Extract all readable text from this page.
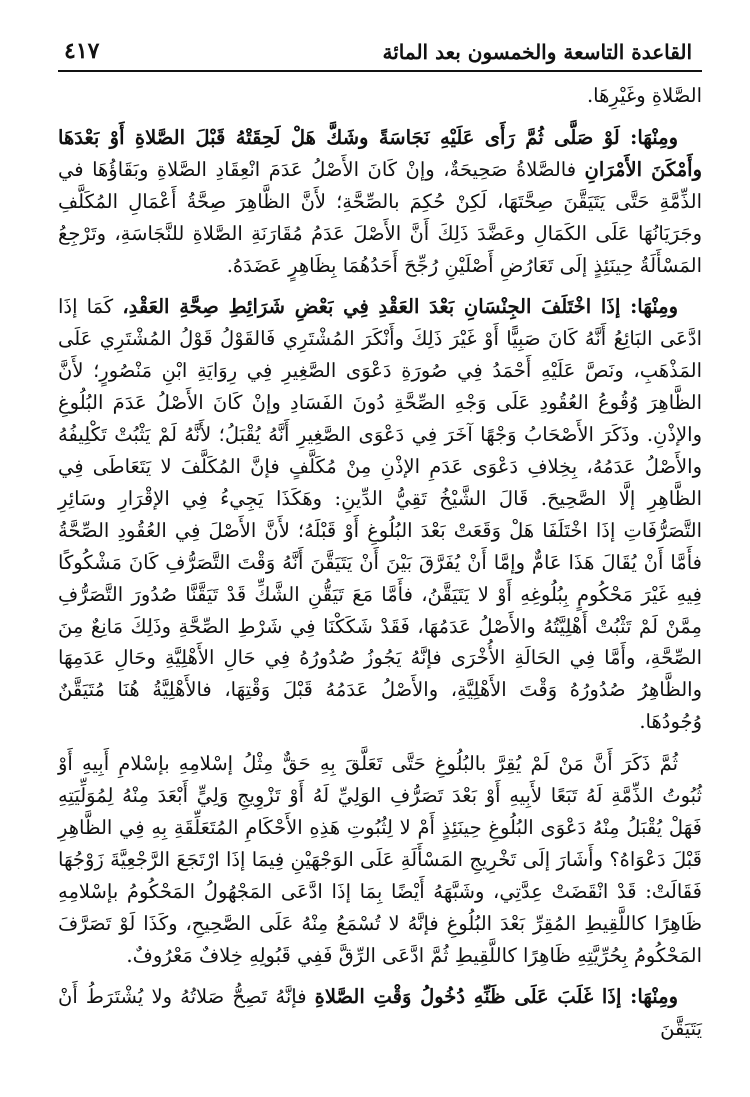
القاعدة التاسعة والخمسون بعد المائة
٤١٧

الصَّلاةِ وغَيْرِهَا.

ومِنْهَا: لَوْ صَلَّى ثُمَّ رَأَى عَلَيْهِ نَجَاسَةً وشَكَّ هَلْ لَحِقَتْهُ قَبْلَ الصَّلاةِ أَوْ بَعْدَهَا وأَمْكَنَ الأَمْرَانِ فالصَّلاةُ صَحِيحَةٌ، وإنْ كَانَ الأَصْلُ عَدَمَ انْعِقَادِ الصَّلاةِ وبَقَاؤُهَا في الذِّمَّةِ حَتَّى يَتَيَقَّنَ صِحَّتَهَا، لَكِنْ حُكِمَ بالصِّحَّةِ؛ لأَنَّ الظَّاهِرَ صِحَّةُ أَعْمَالِ المُكَلَّفِ وجَرَيَانُهَا عَلَى الكَمَالِ وعَضَّدَ ذَلِكَ أَنَّ الأَصْلَ عَدَمُ مُقَارَنَةِ الصَّلاةِ للنَّجَاسَةِ، وتَرْجِعُ المَسْأَلَةُ حِينَئِذٍ إلَى تَعَارُضِ أَصْلَيْنِ رُجِّحَ أَحَدُهُمَا بِظَاهِرٍ عَضَدَهُ.

ومِنْهَا: إذَا اخْتَلَفَ الجِنْسَانِ بَعْدَ العَقْدِ فِي بَعْضِ شَرَائِطِ صِحَّةِ العَقْدِ، كَمَا إذَا ادَّعَى البَائِعُ أَنَّهُ كَانَ صَبِيًّا أَوْ غَيْرَ ذَلِكَ وأَنْكَرَ المُشْتَرِي فَالقَوْلُ قَوْلُ المُشْتَرِي عَلَى المَذْهَبِ، ونَصَّ عَلَيْهِ أَحْمَدُ فِي صُورَةِ دَعْوَى الصَّغِيرِ فِي رِوَايَةِ ابْنِ مَنْصُورٍ؛ لأَنَّ الظَّاهِرَ وُقُوعُ العُقُودِ عَلَى وَجْهِ الصِّحَّةِ دُونَ الفَسَادِ وإنْ كَانَ الأَصْلُ عَدَمَ البُلُوغِ والإذْنِ. وذَكَرَ الأَصْحَابُ وَجْهًا آخَرَ فِي دَعْوَى الصَّغِيرِ أَنَّهُ يُقْبَلُ؛ لأَنَّهُ لَمْ يَثْبُتْ تَكْلِيفُهُ والأَصْلُ عَدَمُهُ، بِخِلافِ دَعْوَى عَدَمِ الإذْنِ مِنْ مُكَلَّفٍ فإنَّ المُكَلَّفَ لا يَتَعَاطَى فِي الظَّاهِرِ إلَّا الصَّحِيحَ. قَالَ الشَّيْخُ تَقِيُّ الدِّينِ: وهَكَذَا يَجِيءُ فِي الإقْرَارِ وسَائِرِ التَّصَرُّفَاتِ إذَا اخْتَلَفَا هَلْ وَقَعَتْ بَعْدَ البُلُوغِ أَوْ قَبْلَهُ؛ لأَنَّ الأَصْلَ فِي العُقُودِ الصِّحَّةُ فأَمَّا أَنْ يُقَالَ هَذَا عَامٌّ وإمَّا أَنْ يُفَرَّقَ بَيْنَ أَنْ يَتَيَقَّنَ أَنَّهُ وَقْتَ التَّصَرُّفِ كَانَ مَشْكُوكًا فِيهِ غَيْرَ مَحْكُومٍ بِبُلُوغِهِ أَوْ لا يَتَيَقَّنُ، فأَمَّا مَعَ تَيَقُّنِ الشَّكِّ قَدْ تَيَقَّنَّا صُدُورَ التَّصَرُّفِ مِمَّنْ لَمْ تَثْبُتْ أَهْلِيَّتُهُ والأَصْلُ عَدَمُهَا، فَقَدْ شَكَكْنَا فِي شَرْطِ الصِّحَّةِ وذَلِكَ مَانِعٌ مِنَ الصِّحَّةِ، وأَمَّا فِي الحَالَةِ الأُخْرَى فإنَّهُ يَجُوزُ صُدُورُهُ فِي حَالِ الأَهْلِيَّةِ وحَالِ عَدَمِهَا والظَّاهِرُ صُدُورُهُ وَقْتَ الأَهْلِيَّةِ، والأَصْلُ عَدَمُهُ قَبْلَ وَقْتِهَا، فالأَهْلِيَّةُ هُنَا مُتَيَقَّنٌ وُجُودُهَا.

ثُمَّ ذَكَرَ أَنَّ مَنْ لَمْ يُقِرَّ بالبُلُوغِ حَتَّى تَعَلَّقَ بِهِ حَقٌّ مِثْلُ إسْلامِهِ بإسْلامِ أَبِيهِ أَوْ ثُبُوتُ الذِّمَّةِ لَهُ تَبَعًا لأَبِيهِ أَوْ بَعْدَ تَصَرُّفِ الوَلِيِّ لَهُ أَوْ تَزْوِيجِ وَلِيٍّ أَبْعَدَ مِنْهُ لِمُوَلِّيَتِهِ فَهَلْ يُقْبَلُ مِنْهُ دَعْوَى البُلُوغِ حِينَئِذٍ أَمْ لا لِثُبُوتِ هَذِهِ الأَحْكَامِ المُتَعَلِّقَةِ بِهِ فِي الظَّاهِرِ قَبْلَ دَعْوَاهُ؟ وأَشَارَ إلَى تَخْرِيجِ المَسْأَلَةِ عَلَى الوَجْهَيْنِ فِيمَا إذَا ارْتَجَعَ الرَّجْعِيَّةَ زَوْجُهَا فَقَالَتْ: قَدْ انْقَضَتْ عِدَّتِي، وشَبَّهَهُ أَيْضًا بِمَا إذَا ادَّعَى المَجْهُولُ المَحْكُومُ بإسْلامِهِ ظَاهِرًا كاللَّقِيطِ المُقِرِّ بَعْدَ البُلُوغِ فإنَّهُ لا تُسْمَعُ مِنْهُ عَلَى الصَّحِيحِ، وكَذَا لَوْ تَصَرَّفَ المَحْكُومُ بِحُرِّيَّتِهِ ظَاهِرًا كاللَّقِيطِ ثُمَّ ادَّعَى الرِّقَّ فَفِي قَبُولِهِ خِلافٌ مَعْرُوفٌ.

ومِنْهَا: إذَا غَلَبَ عَلَى ظَنِّهِ دُخُولُ وَقْتِ الصَّلاةِ فإنَّهُ تَصِحُّ صَلاتُهُ ولا يُشْتَرَطُ أَنْ يَتَيَقَّنَ
